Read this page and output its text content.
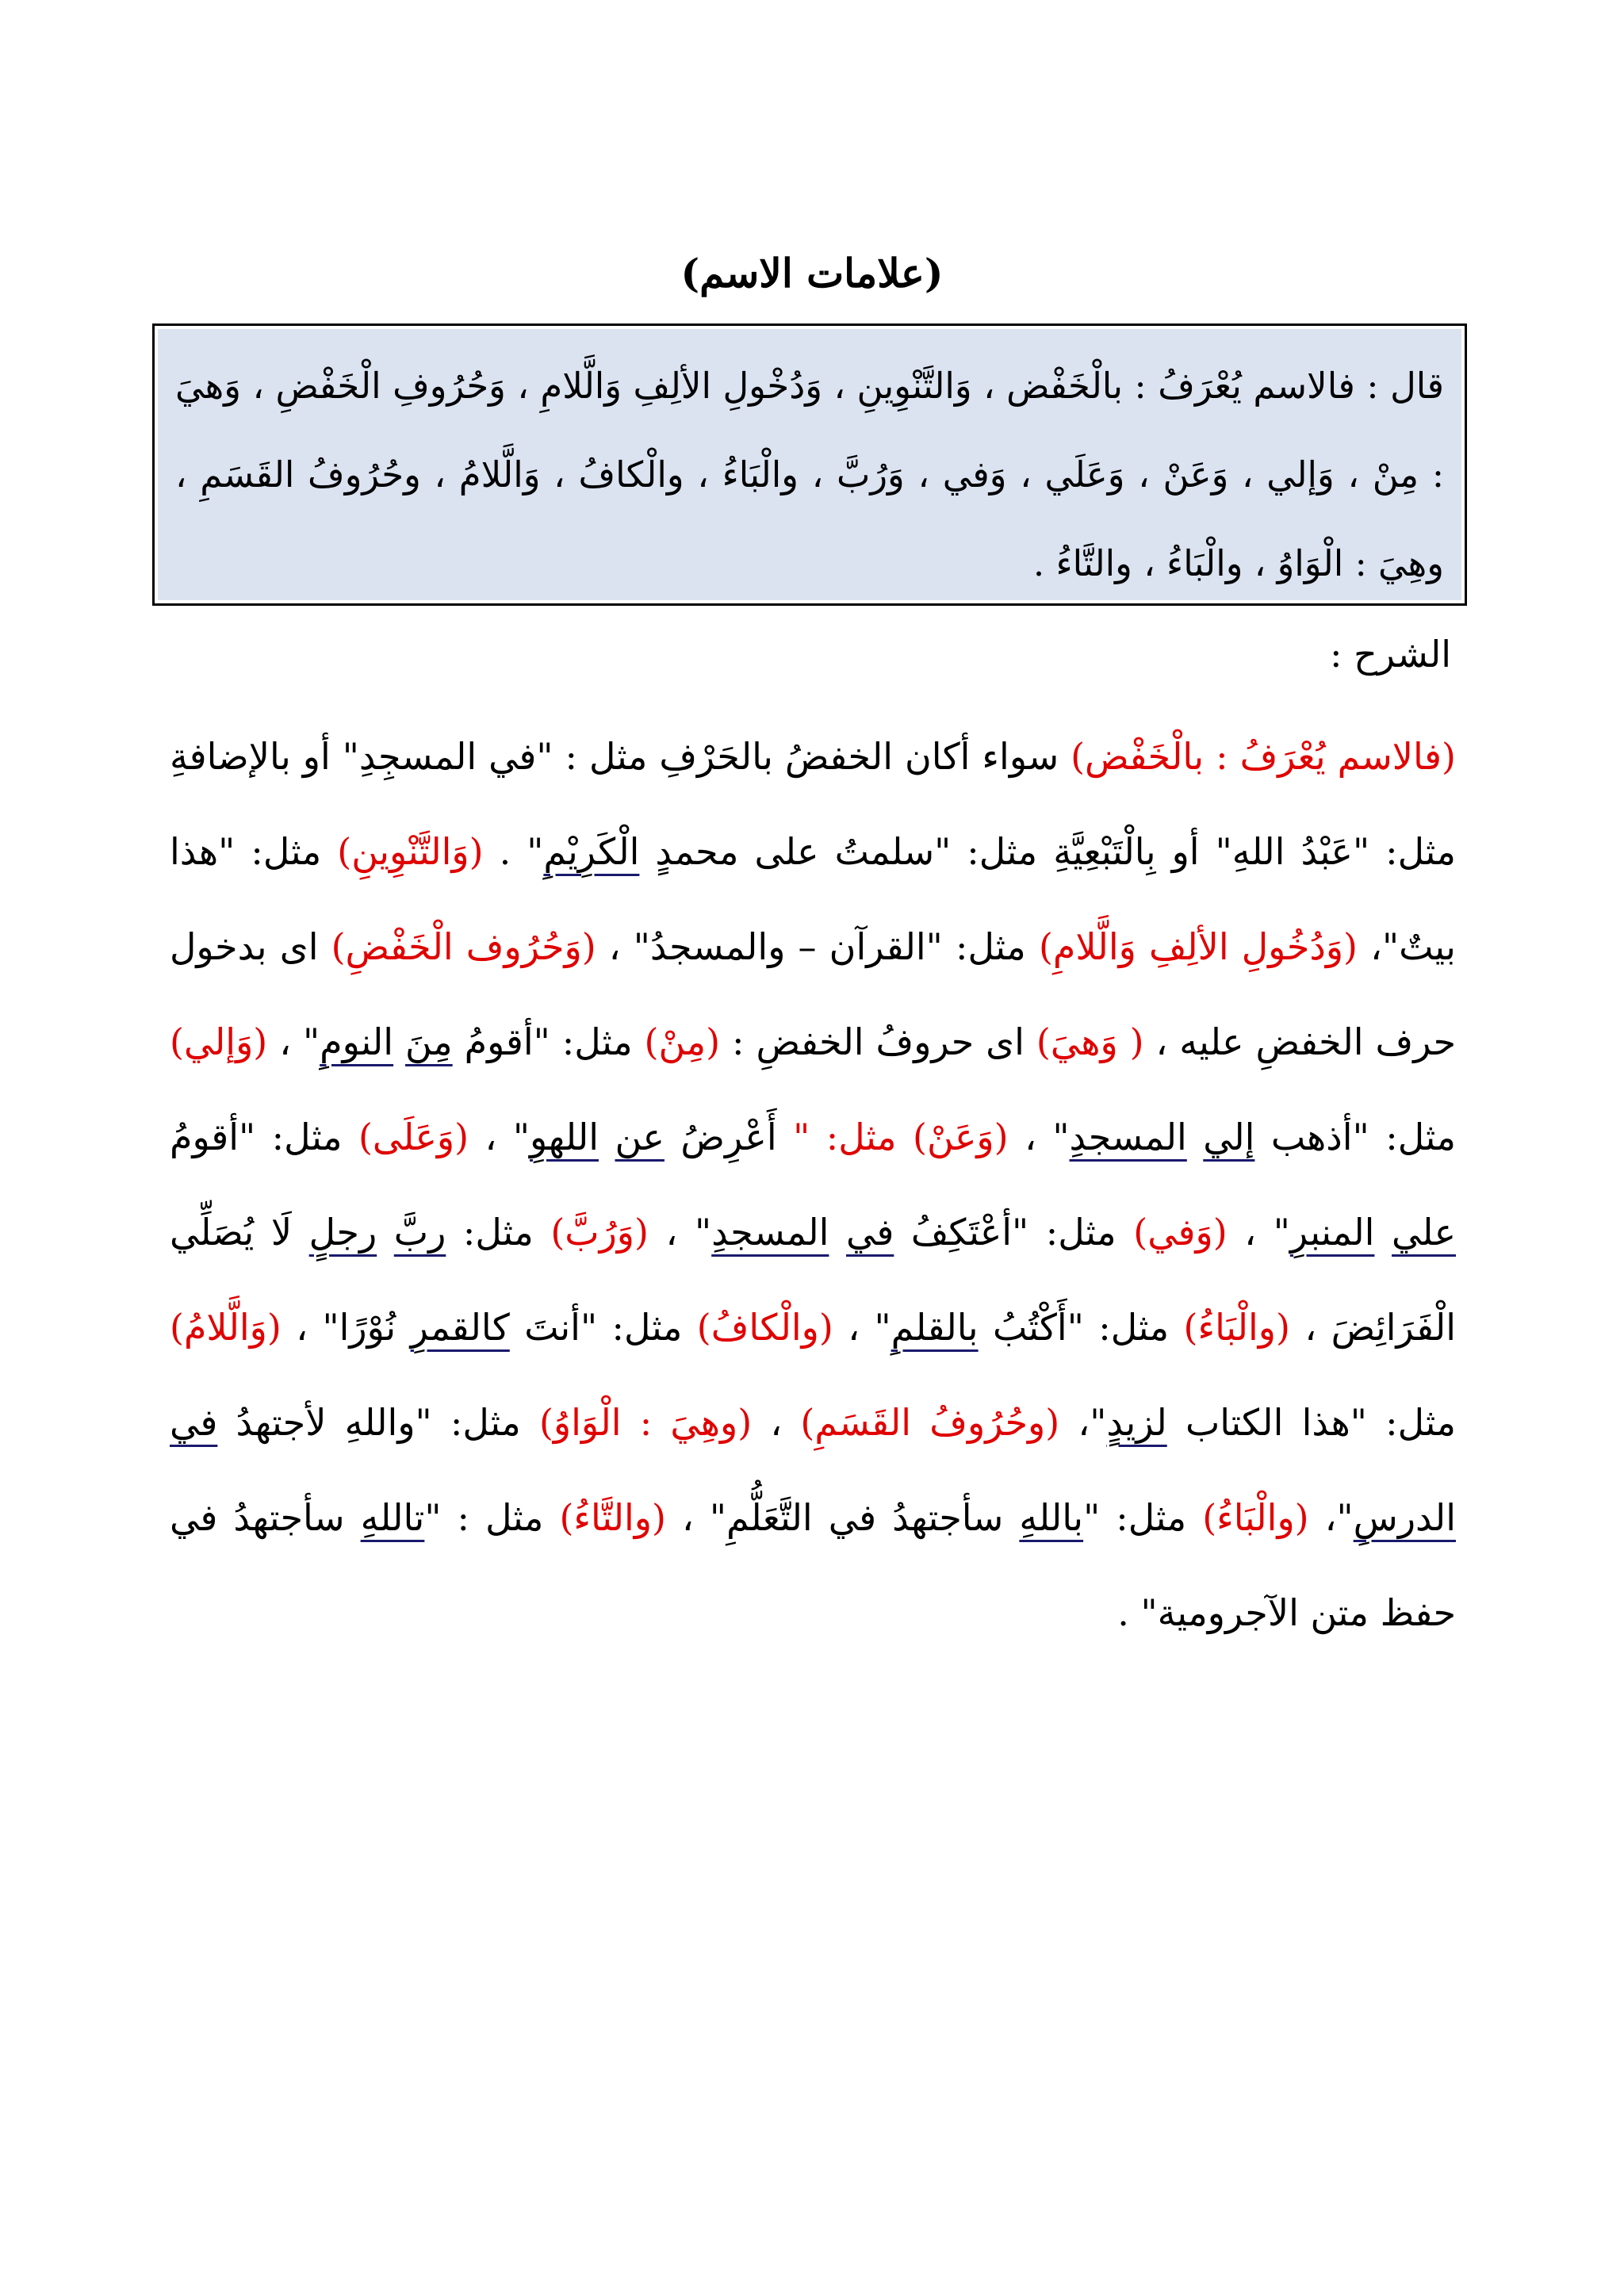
(علامات الاسم)
قال : فالاسم يُعْرَفُ : بالْخَفْض ، وَالتَّنْوِينِ ، وَدُخْولِ الألِفِ وَالَّلامِ ، وَحُرُوفِ الْخَفْضِ ، وَهيَ : مِنْ ، وَإلي ، وَعَنْ ، وَعَلَي ، وَفي ، وَرُبَّ ، والْبَاءُ ، والْكافُ ، وَالَّلامُ ، وحُرُوفُ القَسَمِ ، وهِيَ : الْوَاوُ ، والْبَاءُ ، والتَّاءُ .

الشرح :

(فالاسم يُعْرَفُ : بالْخَفْض) سواء أكان الخفضُ بالحَرْفِ مثل : "في المسجِدِ" أو بالإضافةِ مثل: "عَبْدُ اللهِ" أو بِالْتَبْعِيَّةِ مثل: "سلمتُ على محمدٍ الْكَرِيْمِ" . (وَالتَّنْوِينِ) مثل: "هذا بيتٌ"، (وَدُخُولِ الألِفِ وَالَّلامِ) مثل: "القرآن – والمسجدُ" ، (وَحُرُوف الْخَفْضِ) اى بدخول حرف الخفضِ عليه ، ( وَهيَ) اى حروفُ الخفضِ : (مِنْ) مثل: "أقومُ مِنَ النومِ" ، (وَإلي) مثل: "أذهب إلي المسجدِ" ، (وَعَنْ) مثل: " أَعْرِضُ عن اللهوِ" ، (وَعَلَى) مثل: "أقومُ علي المنبرِ" ، (وَفي) مثل: "أعْتَكِفُ في المسجدِ" ، (وَرُبَّ) مثل: ربَّ رجلٍ لَا يُصَلِّي الْفَرَائِضَ ، (والْبَاءُ) مثل: "أَكْتُبُ بالقلمِ" ، (والْكافُ) مثل: "أنتَ كالقمرِ نُوْرًا" ، (وَالَّلامُ) مثل: "هذا الكتاب لزيدٍ"، (وحُرُوفُ القَسَمِ) ، (وهِيَ : الْوَاوُ) مثل: "واللهِ لأجتهدُ في الدرسِ"، (والْبَاءُ) مثل: "باللهِ سأجتهدُ في التَّعَلُّمِ" ، (والتَّاءُ) مثل : "تاللهِ سأجتهدُ في حفظ متن الآجرومية" .
